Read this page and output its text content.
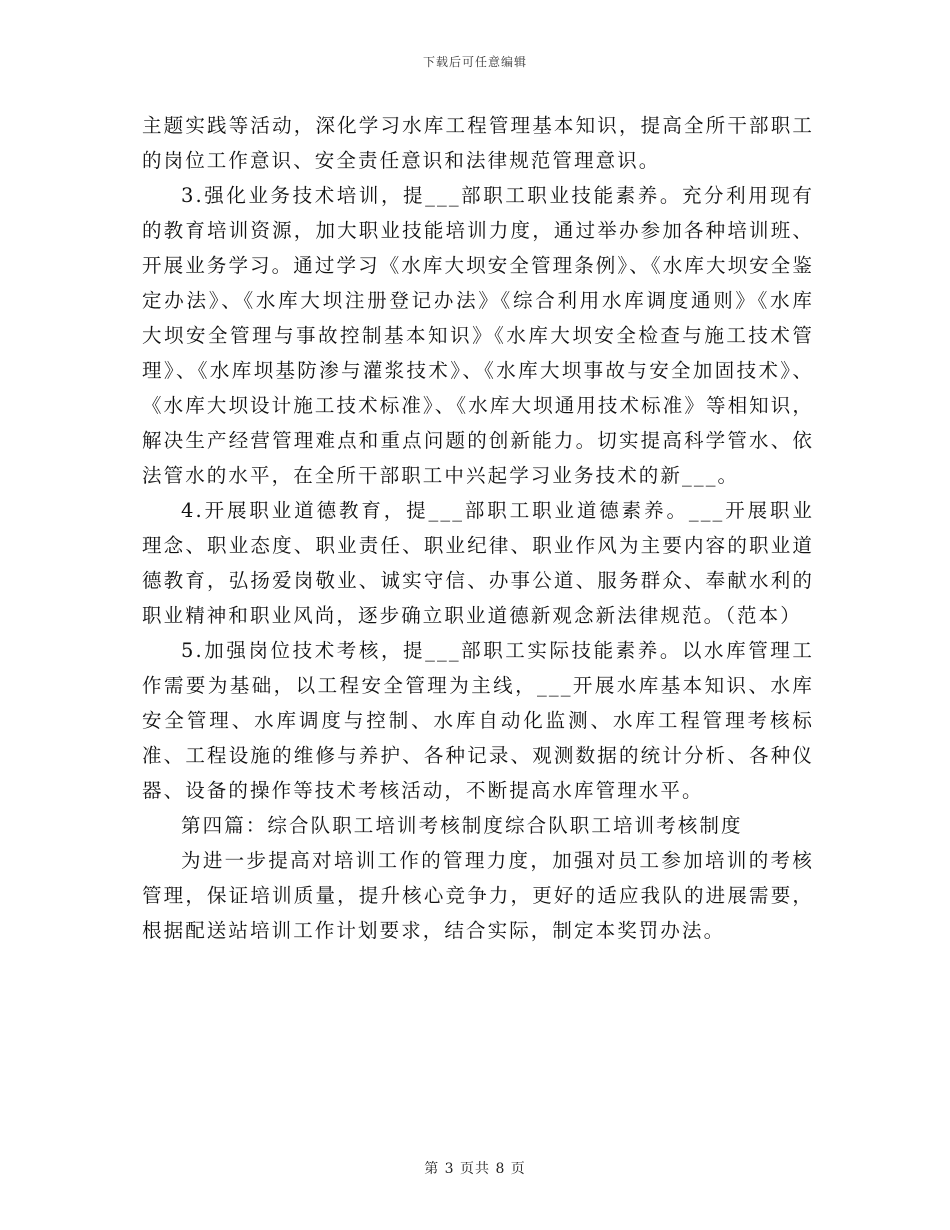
下载后可任意编辑

主题实践等活动，深化学习水库工程管理基本知识，提高全所干部职工的岗位工作意识、安全责任意识和法律规范管理意识。

3.强化业务技术培训，提___部职工职业技能素养。充分利用现有的教育培训资源，加大职业技能培训力度，通过举办参加各种培训班、开展业务学习。通过学习《水库大坝安全管理条例》、《水库大坝安全鉴定办法》、《水库大坝注册登记办法》《综合利用水库调度通则》《水库大坝安全管理与事故控制基本知识》《水库大坝安全检查与施工技术管理》、《水库坝基防渗与灌浆技术》、《水库大坝事故与安全加固技术》、《水库大坝设计施工技术标准》、《水库大坝通用技术标准》等相知识，解决生产经营管理难点和重点问题的创新能力。切实提高科学管水、依法管水的水平，在全所干部职工中兴起学习业务技术的新___。

4.开展职业道德教育，提___部职工职业道德素养。___开展职业理念、职业态度、职业责任、职业纪律、职业作风为主要内容的职业道德教育，弘扬爱岗敬业、诚实守信、办事公道、服务群众、奉献水利的职业精神和职业风尚，逐步确立职业道德新观念新法律规范。（范本）

5.加强岗位技术考核，提___部职工实际技能素养。以水库管理工作需要为基础，以工程安全管理为主线，___开展水库基本知识、水库安全管理、水库调度与控制、水库自动化监测、水库工程管理考核标准、工程设施的维修与养护、各种记录、观测数据的统计分析、各种仪器、设备的操作等技术考核活动，不断提高水库管理水平。

第四篇：综合队职工培训考核制度综合队职工培训考核制度

为进一步提高对培训工作的管理力度，加强对员工参加培训的考核管理，保证培训质量，提升核心竞争力，更好的适应我队的进展需要，根据配送站培训工作计划要求，结合实际，制定本奖罚办法。

第 3 页共 8 页
